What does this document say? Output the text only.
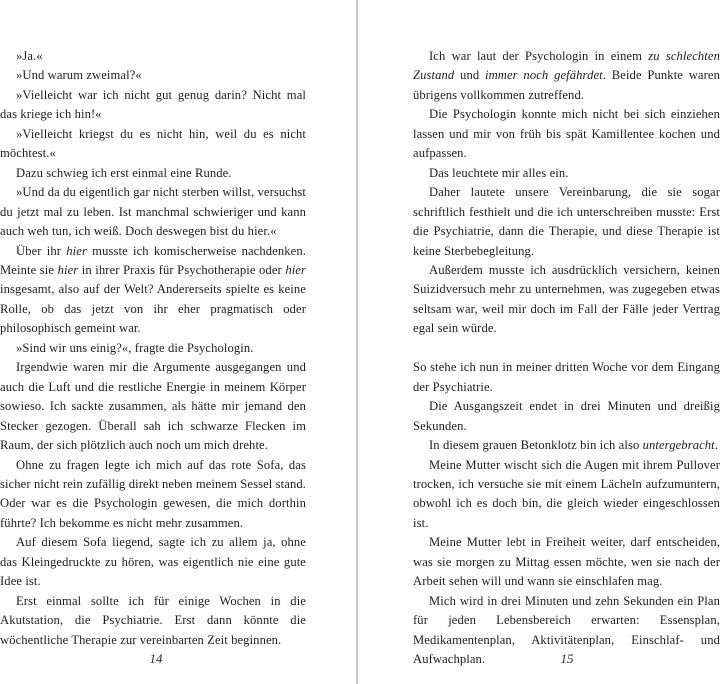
»Ja.«

»Und warum zweimal?«

»Vielleicht war ich nicht gut genug darin? Nicht mal das kriege ich hin!«

»Vielleicht kriegst du es nicht hin, weil du es nicht möchtest.«

Dazu schwieg ich erst einmal eine Runde.

»Und da du eigentlich gar nicht sterben willst, versuchst du jetzt mal zu leben. Ist manchmal schwieriger und kann auch weh tun, ich weiß. Doch deswegen bist du hier.«

Über ihr hier musste ich komischerweise nachdenken. Meinte sie hier in ihrer Praxis für Psychotherapie oder hier insgesamt, also auf der Welt? Andererseits spielte es keine Rolle, ob das jetzt von ihr eher pragmatisch oder philosophisch gemeint war.

»Sind wir uns einig?«, fragte die Psychologin.

Irgendwie waren mir die Argumente ausgegangen und auch die Luft und die restliche Energie in meinem Körper sowieso. Ich sackte zusammen, als hätte mir jemand den Stecker gezogen. Überall sah ich schwarze Flecken im Raum, der sich plötzlich auch noch um mich drehte.

Ohne zu fragen legte ich mich auf das rote Sofa, das sicher nicht rein zufällig direkt neben meinem Sessel stand. Oder war es die Psychologin gewesen, die mich dorthin führte? Ich bekomme es nicht mehr zusammen.

Auf diesem Sofa liegend, sagte ich zu allem ja, ohne das Kleingedruckte zu hören, was eigentlich nie eine gute Idee ist.

Erst einmal sollte ich für einige Wochen in die Akutstation, die Psychiatrie. Erst dann könnte die wöchentliche Therapie zur vereinbarten Zeit beginnen.

14

Ich war laut der Psychologin in einem zu schlechten Zustand und immer noch gefährdet. Beide Punkte waren übrigens vollkommen zutreffend.

Die Psychologin konnte mich nicht bei sich einziehen lassen und mir von früh bis spät Kamillentee kochen und aufpassen.

Das leuchtete mir alles ein.

Daher lautete unsere Vereinbarung, die sie sogar schriftlich festhielt und die ich unterschreiben musste: Erst die Psychiatrie, dann die Therapie, und diese Therapie ist keine Sterbebegleitung.

Außerdem musste ich ausdrücklich versichern, keinen Suizidversuch mehr zu unternehmen, was zugegeben etwas seltsam war, weil mir doch im Fall der Fälle jeder Vertrag egal sein würde.

So stehe ich nun in meiner dritten Woche vor dem Eingang der Psychiatrie.

Die Ausgangszeit endet in drei Minuten und dreißig Sekunden.

In diesem grauen Betonklotz bin ich also untergebracht.

Meine Mutter wischt sich die Augen mit ihrem Pullover trocken, ich versuche sie mit einem Lächeln aufzumuntern, obwohl ich es doch bin, die gleich wieder eingeschlossen ist.

Meine Mutter lebt in Freiheit weiter, darf entscheiden, was sie morgen zu Mittag essen möchte, wen sie nach der Arbeit sehen will und wann sie einschlafen mag.

Mich wird in drei Minuten und zehn Sekunden ein Plan für jeden Lebensbereich erwarten: Essensplan, Medikamentenplan, Aktivitätenplan, Einschlaf- und Aufwachplan.	15
